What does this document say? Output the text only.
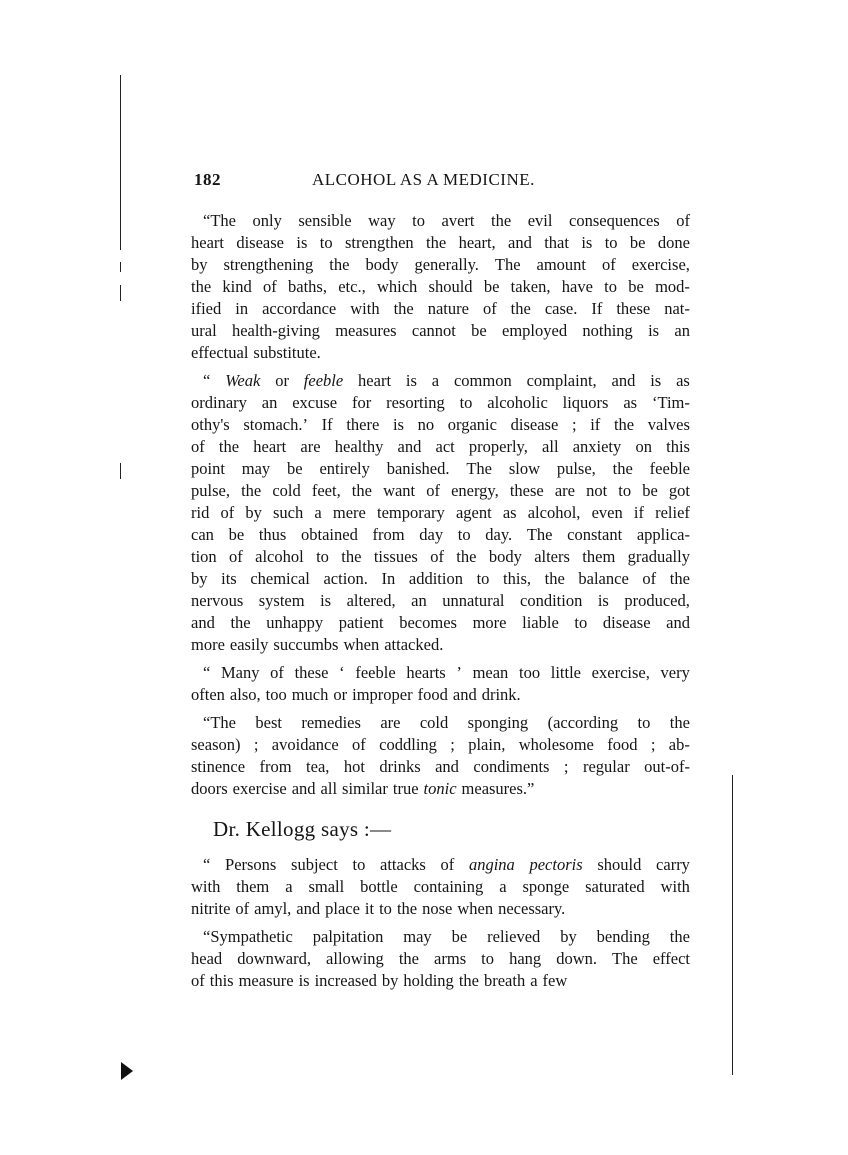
182	ALCOHOL AS A MEDICINE.
“The only sensible way to avert the evil consequences of
heart disease is to strengthen the heart, and that is to be done
by strengthening the body generally. The amount of exercise,
the kind of baths, etc., which should be taken, have to be mod-
ified in accordance with the nature of the case. If these nat-
ural health-giving measures cannot be employed nothing is an
effectual substitute.
“ Weak or feeble heart is a common complaint, and is as
ordinary an excuse for resorting to alcoholic liquors as ‘Tim-
othy's stomach.’ If there is no organic disease ; if the valves
of the heart are healthy and act properly, all anxiety on this
point may be entirely banished. The slow pulse, the feeble
pulse, the cold feet, the want of energy, these are not to be got
rid of by such a mere temporary agent as alcohol, even if relief
can be thus obtained from day to day. The constant applica-
tion of alcohol to the tissues of the body alters them gradually
by its chemical action. In addition to this, the balance of the
nervous system is altered, an unnatural condition is produced,
and the unhappy patient becomes more liable to disease and
more easily succumbs when attacked.
“ Many of these ‘ feeble hearts ’ mean too little exercise, very
often also, too much or improper food and drink.
“The best remedies are cold sponging (according to the
season) ; avoidance of coddling ; plain, wholesome food ; ab-
stinence from tea, hot drinks and condiments ; regular out-of-
doors exercise and all similar true tonic measures.”
Dr. Kellogg says :—
“ Persons subject to attacks of angina pectoris should carry
with them a small bottle containing a sponge saturated with
nitrite of amyl, and place it to the nose when necessary.
“Sympathetic palpitation may be relieved by bending the
head downward, allowing the arms to hang down. The effect
of this measure is increased by holding the breath a few
